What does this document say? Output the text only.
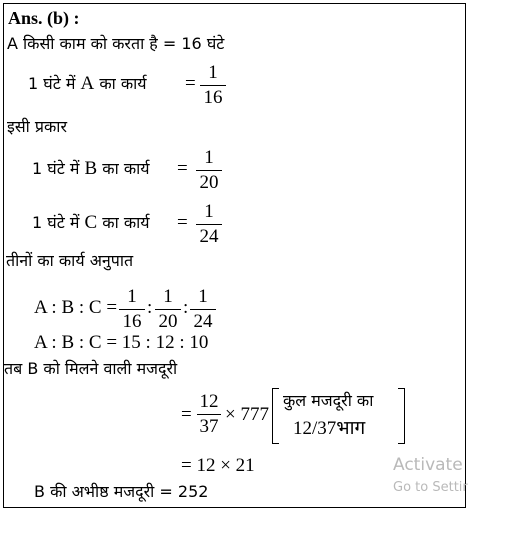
Ans. (b) :
A किसी काम को करता है = 16 घंटे
1 घंटे में A का कार्य =
1
16
इसी प्रकार
1 घंटे में B का कार्य =
1
20
1 घंटे में C का कार्य =
1
24
तीनों का कार्य अनुपात
A : B : C =
1
16
:
1
20
:
1
24
A : B : C = 15 : 12 : 10
तब B को मिलने वाली मजदूरी
=
12
37
× 777
कुल मजदूरी का
12/37भाग
= 12 × 21
B की अभीष्ठ मजदूरी = 252
Activate
Go to Settir
